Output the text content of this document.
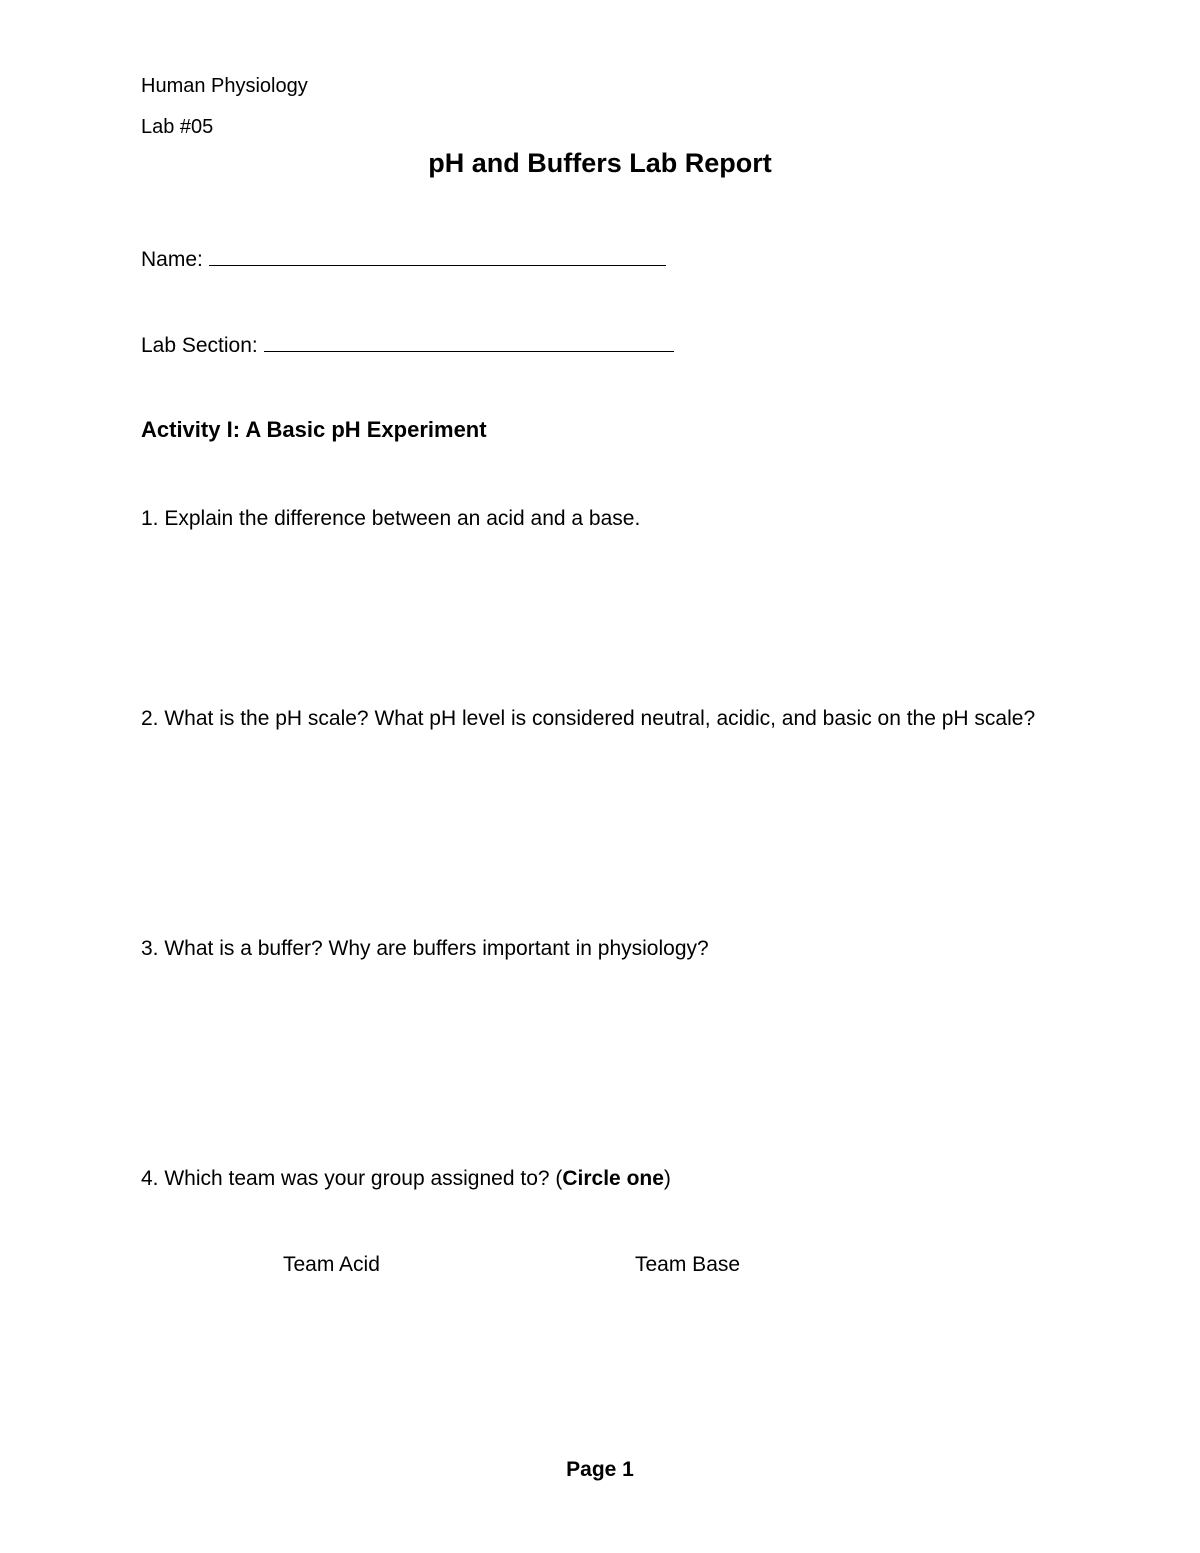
Human Physiology
Lab #05
pH and Buffers Lab Report
Name:
Lab Section:
Activity I: A Basic pH Experiment
1. Explain the difference between an acid and a base.
2. What is the pH scale? What pH level is considered neutral, acidic, and basic on the pH scale?
3. What is a buffer? Why are buffers important in physiology?
4. Which team was your group assigned to? (Circle one)
Team Acid	Team Base
Page 1
